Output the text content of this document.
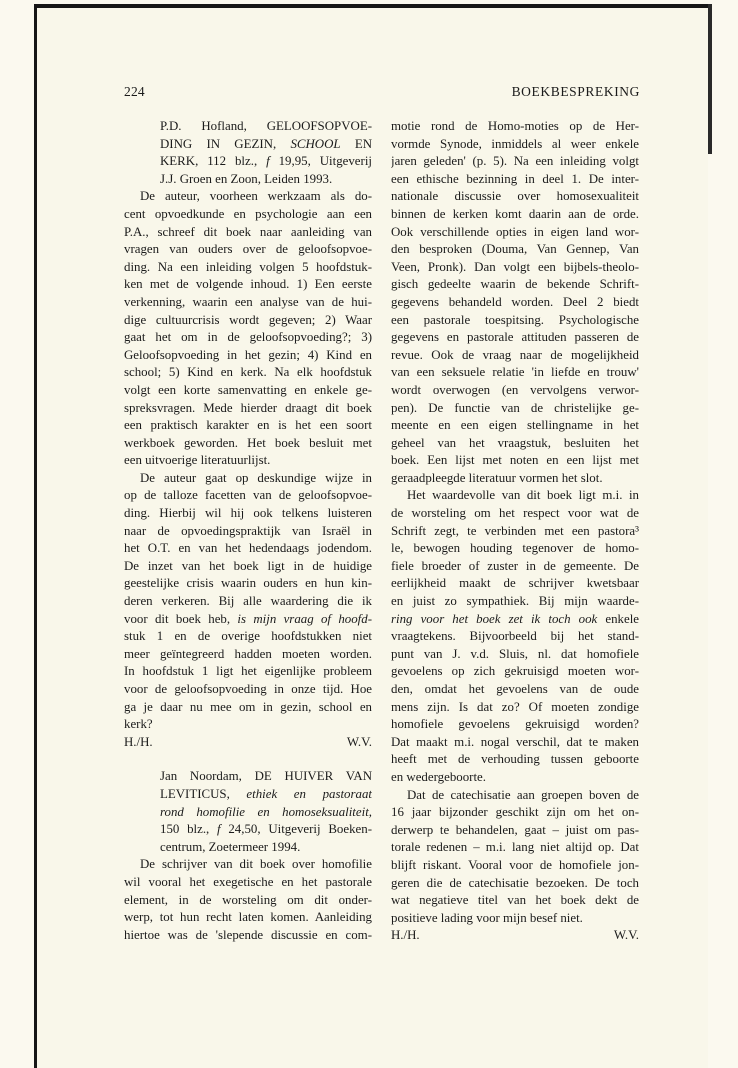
224	BOEKBESPREKING
P.D. Hofland, GELOOFSOPVOE-
DING IN GEZIN, SCHOOL EN
KERK, 112 blz., f 19,95, Uitgeverij
J.J. Groen en Zoon, Leiden 1993.
De auteur, voorheen werkzaam als do-
cent opvoedkunde en psychologie aan een
P.A., schreef dit boek naar aanleiding van
vragen van ouders over de geloofsopvoe-
ding. Na een inleiding volgen 5 hoofdstuk-
ken met de volgende inhoud. 1) Een eerste
verkenning, waarin een analyse van de hui-
dige cultuurcrisis wordt gegeven; 2) Waar
gaat het om in de geloofsopvoeding?; 3)
Geloofsopvoeding in het gezin; 4) Kind en
school; 5) Kind en kerk. Na elk hoofdstuk
volgt een korte samenvatting en enkele ge-
spreksvragen. Mede hierder draagt dit boek
een praktisch karakter en is het een soort
werkboek geworden. Het boek besluit met
een uitvoerige literatuurlijst.
De auteur gaat op deskundige wijze in
op de talloze facetten van de geloofsopvoe-
ding. Hierbij wil hij ook telkens luisteren
naar de opvoedingspraktijk van Israël in
het O.T. en van het hedendaags jodendom.
De inzet van het boek ligt in de huidige
geestelijke crisis waarin ouders en hun kin-
deren verkeren. Bij alle waardering die ik
voor dit boek heb, is mijn vraag of hoofd-
stuk 1 en de overige hoofdstukken niet
meer geïntegreerd hadden moeten worden.
In hoofdstuk 1 ligt het eigenlijke probleem
voor de geloofsopvoeding in onze tijd. Hoe
ga je daar nu mee om in gezin, school en
kerk?
H./H.	W.V.
Jan Noordam, DE HUIVER VAN
LEVITICUS, ethiek en pastoraat
rond homofilie en homoseksualiteit,
150 blz., f 24,50, Uitgeverij Boeken-
centrum, Zoetermeer 1994.
De schrijver van dit boek over homofilie
wil vooral het exegetische en het pastorale
element, in de worsteling om dit onder-
werp, tot hun recht laten komen. Aanleiding
hiertoe was de 'slepende discussie en com-
motie rond de Homo-moties op de Her-
vormde Synode, inmiddels al weer enkele
jaren geleden' (p. 5). Na een inleiding volgt
een ethische bezinning in deel 1. De inter-
nationale discussie over homosexualiteit
binnen de kerken komt daarin aan de orde.
Ook verschillende opties in eigen land wor-
den besproken (Douma, Van Gennep, Van
Veen, Pronk). Dan volgt een bijbels-theolo-
gisch gedeelte waarin de bekende Schrift-
gegevens behandeld worden. Deel 2 biedt
een pastorale toespitsing. Psychologische
gegevens en pastorale attituden passeren de
revue. Ook de vraag naar de mogelijkheid
van een seksuele relatie 'in liefde en trouw'
wordt overwogen (en vervolgens verwor-
pen). De functie van de christelijke ge-
meente en een eigen stellingname in het
geheel van het vraagstuk, besluiten het
boek. Een lijst met noten en een lijst met
geraadpleegde literatuur vormen het slot.
Het waardevolle van dit boek ligt m.i. in
de worsteling om het respect voor wat de
Schrift zegt, te verbinden met een pastora³
le, bewogen houding tegenover de homo-
fiele broeder of zuster in de gemeente. De
eerlijkheid maakt de schrijver kwetsbaar
en juist zo sympathiek. Bij mijn waarde-
ring voor het boek zet ik toch ook enkele
vraagtekens. Bijvoorbeeld bij het stand-
punt van J. v.d. Sluis, nl. dat homofiele
gevoelens op zich gekruisigd moeten wor-
den, omdat het gevoelens van de oude
mens zijn. Is dat zo? Of moeten zondige
homofiele gevoelens gekruisigd worden?
Dat maakt m.i. nogal verschil, dat te maken
heeft met de verhouding tussen geboorte
en wedergeboorte.
Dat de catechisatie aan groepen boven de
16 jaar bijzonder geschikt zijn om het on-
derwerp te behandelen, gaat – juist om pas-
torale redenen – m.i. lang niet altijd op. Dat
blijft riskant. Vooral voor de homofiele jon-
geren die de catechisatie bezoeken. De toch
wat negatieve titel van het boek dekt de
positieve lading voor mijn besef niet.
H./H.	W.V.
